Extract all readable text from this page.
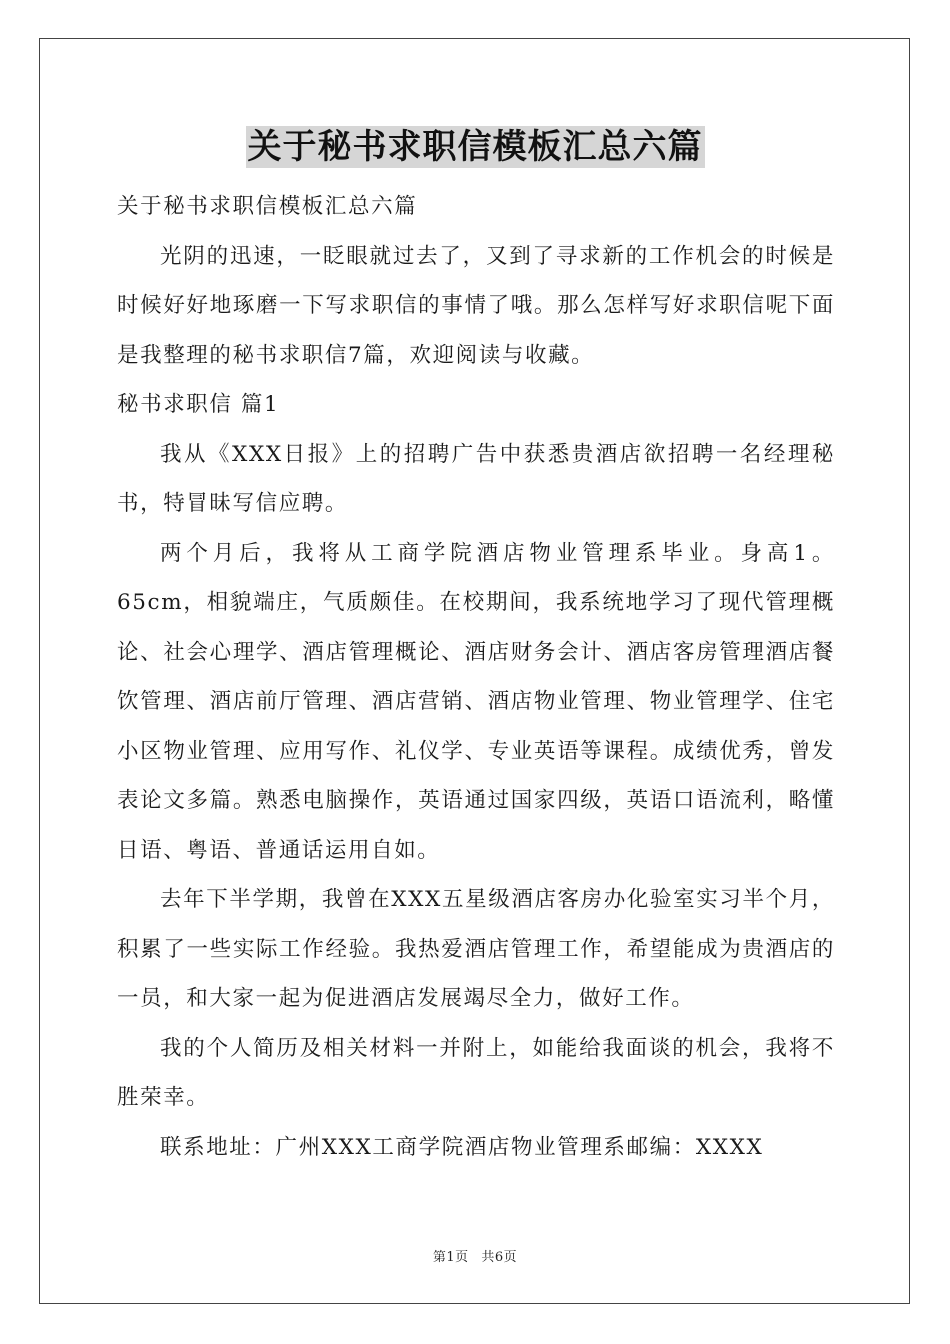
关于秘书求职信模板汇总六篇

关于秘书求职信模板汇总六篇

光阴的迅速，一眨眼就过去了，又到了寻求新的工作机会的时候是时候好好地琢磨一下写求职信的事情了哦。那么怎样写好求职信呢下面是我整理的秘书求职信7篇，欢迎阅读与收藏。

秘书求职信 篇1

我从《XXX日报》上的招聘广告中获悉贵酒店欲招聘一名经理秘书，特冒昧写信应聘。

两个月后，我将从工商学院酒店物业管理系毕业。身高1。65cm，相貌端庄，气质颇佳。在校期间，我系统地学习了现代管理概论、社会心理学、酒店管理概论、酒店财务会计、酒店客房管理酒店餐饮管理、酒店前厅管理、酒店营销、酒店物业管理、物业管理学、住宅小区物业管理、应用写作、礼仪学、专业英语等课程。成绩优秀，曾发表论文多篇。熟悉电脑操作，英语通过国家四级，英语口语流利，略懂日语、粤语、普通话运用自如。

去年下半学期，我曾在XXX五星级酒店客房办化验室实习半个月，积累了一些实际工作经验。我热爱酒店管理工作，希望能成为贵酒店的一员，和大家一起为促进酒店发展竭尽全力，做好工作。

我的个人简历及相关材料一并附上，如能给我面谈的机会，我将不胜荣幸。

联系地址：广州XXX工商学院酒店物业管理系邮编：XXXX

第1页 共6页
